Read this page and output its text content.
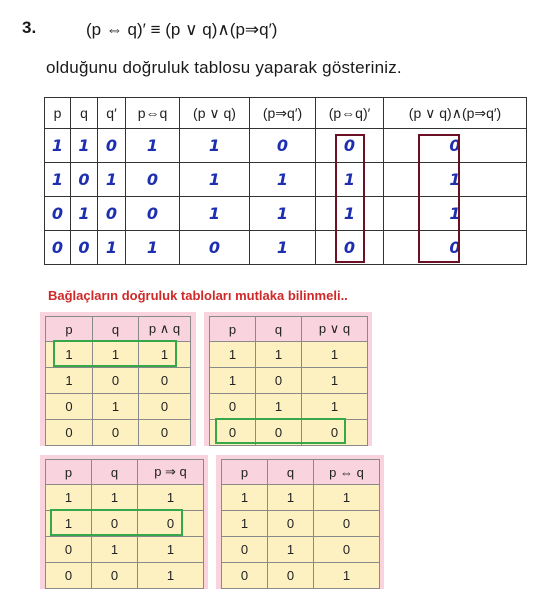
3.	(p ⇔ q)′ ≡ (p ∨ q)∧(p⇒q′)
olduğunu doğruluk tablosu yaparak gösteriniz.
p	q	q′	p⇔q	(p ∨ q)	(p⇒q′)	(p⇔q)′	(p ∨ q)∧(p⇒q′)
1	1	0	1	1	0	0	0
1	0	1	0	1	1	1	1
0	1	0	0	1	1	1	1
0	0	1	1	0	1	0	0
Bağlaçların doğruluk tabloları mutlaka bilinmeli..
p	q	p ∧ q
1	1	1
1	0	0
0	1	0
0	0	0
p	q	p ∨ q
1	1	1
1	0	1
0	1	1
0	0	0
p	q	p ⇒ q
1	1	1
1	0	0
0	1	1
0	0	1
p	q	p ⇔ q
1	1	1
1	0	0
0	1	0
0	0	1
